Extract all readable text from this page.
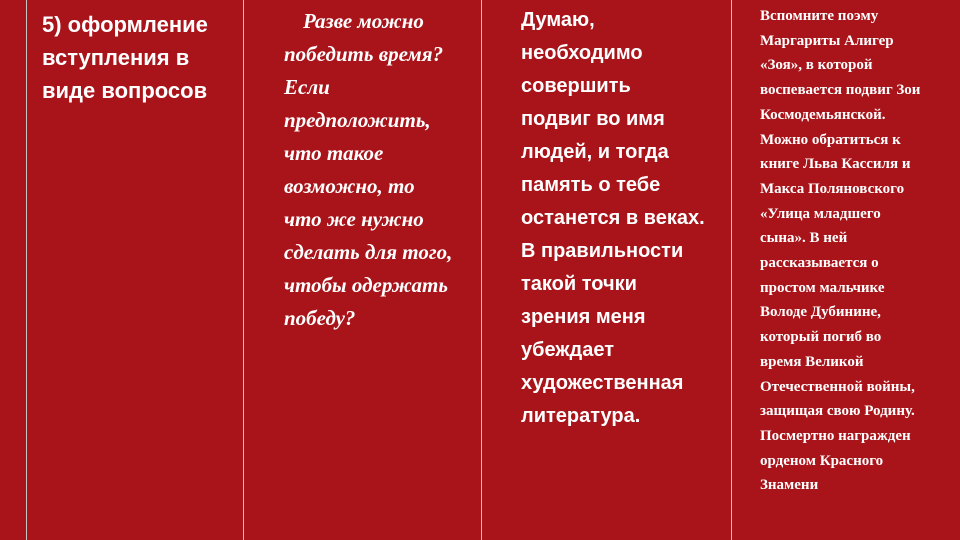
5) оформление

вступления в

виде вопросов

Разве можно
победить время?
Если
предположить,
что такое
возможно, то
что же нужно
сделать для того,
чтобы одержать
победу?
Думаю,
необходимо
совершить
подвиг во имя
людей, и тогда
память о тебе
останется в веках.
В правильности
такой точки
зрения меня
убеждает
художественная
литература.
Вспомните поэму
Маргариты Алигер
«Зоя», в которой
воспевается подвиг Зои
Космодемьянской.
Можно обратиться к
книге Льва Кассиля и
Макса Поляновского
«Улица младшего
сына». В ней
рассказывается о
простом мальчике
Володе Дубинине,
который погиб во
время Великой
Отечественной войны,
защищая свою Родину.
Посмертно награжден
орденом Красного
Знамени
